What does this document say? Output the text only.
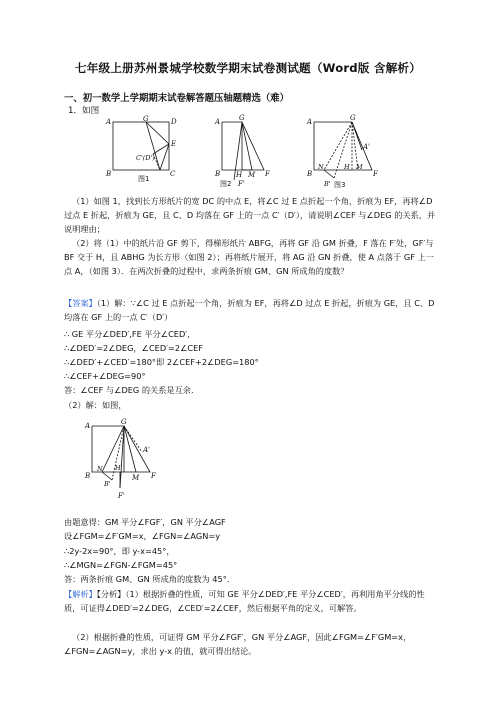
七年级上册苏州景城学校数学期末试卷测试题（Word版 含解析）
一、初一数学上学期期末试卷解答题压轴题精选（难）
1．如图
A	G	D
E
C'(D')
B	C
图1
A	G
B H M F
F'
图2
A	G
A'
B
N	H M
F
B' 图3
（1）如图 1，找到长方形纸片的宽 DC 的中点 E，将∠C 过 E 点折起一个角，折痕为 EF，再将∠D 过点 E 折起，折痕为 GE，且 C、D 均落在 GF 上的一点 C′（D′），请说明∠CEF 与∠DEG 的关系，并说明理由；
（2）将（1）中的纸片沿 GF 剪下，得梯形纸片 ABFG，再将 GF 沿 GM 折叠，F 落在 F′处，GF′与 BF 交于 H，且 ABHG 为长方形（如图 2）；再将纸片展开，将 AG 沿 GN 折叠，使 A 点落于 GF 上一点 A，（如图 3）．在两次折叠的过程中，求两条折痕 GM、GN 所成角的度数？
【答案】（1）解：∵∠C 过 E 点折起一个角，折痕为 EF，再将∠D 过点 E 折起，折痕为 GE，且 C、D 均落在 GF 上的一点 C′（D′）
∴ GE 平分∠DED′,FE 平分∠CED′,
∴∠DED′=2∠DEG，∠CED′=2∠CEF
∴∠DED′+∠CED′=180°即 2∠CEF+2∠DEG=180°
∴∠CEF+∠DEG=90°
答：∠CEF 与∠DEG 的关系是互余.
（2）解：如图，
A	G
A'
B
N H
M F
B'
F'
由题意得：GM 平分∠FGF′，GN 平分∠AGF
设∠FGM=∠F′GM=x，∠FGN=∠AGN=y
∴2y-2x=90°，即 y-x=45°，
∴∠MGN=∠FGN-∠FGM=45°
答：两条折痕 GM、GN 所成角的度数为 45°.
【解析】【分析】（1）根据折叠的性质，可知 GE 平分∠DED′,FE 平分∠CED′，再利用角平分线的性质，可证得∠DED′=2∠DEG，∠CED′=2∠CEF，然后根据平角的定义，可解答。
（2）根据折叠的性质，可证得 GM 平分∠FGF′，GN 平分∠AGF，因此∠FGM=∠F′GM=x，∠FGN=∠AGN=y，求出 y-x 的值，就可得出结论。
